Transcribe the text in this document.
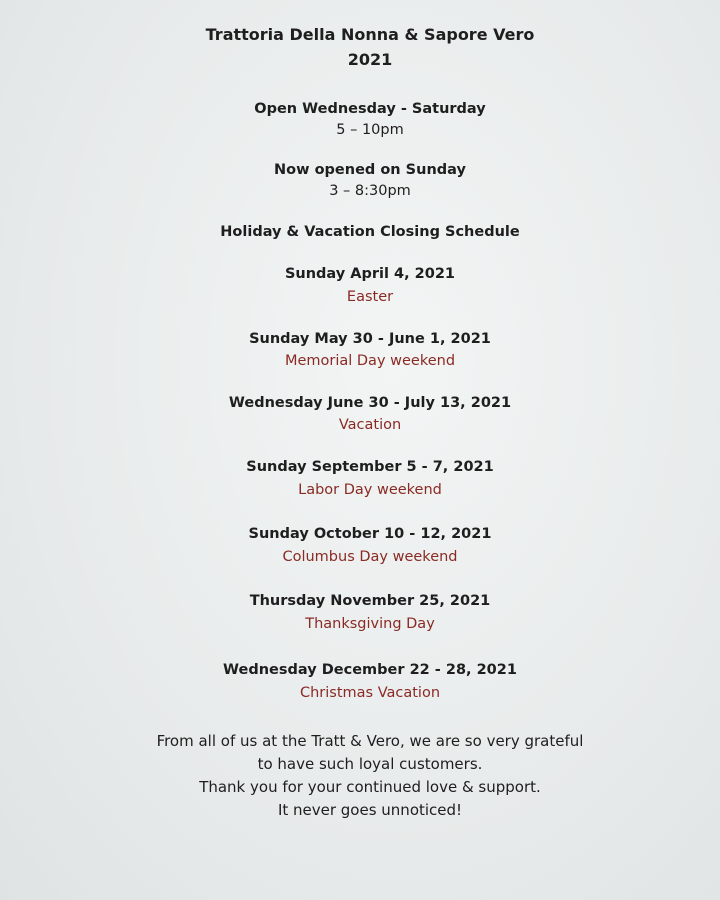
Trattoria Della Nonna & Sapore Vero
2021
Open Wednesday - Saturday
5 – 10pm
Now opened on Sunday
3 – 8:30pm
Holiday & Vacation Closing Schedule
Sunday April 4, 2021
Easter
Sunday May 30 - June 1, 2021
Memorial Day weekend
Wednesday June 30 - July 13, 2021
Vacation
Sunday September 5 - 7, 2021
Labor Day weekend
Sunday October 10 - 12, 2021
Columbus Day weekend
Thursday November 25, 2021
Thanksgiving Day
Wednesday December 22 - 28, 2021
Christmas Vacation
From all of us at the Tratt & Vero, we are so very grateful
to have such loyal customers.
Thank you for your continued love & support.
It never goes unnoticed!
